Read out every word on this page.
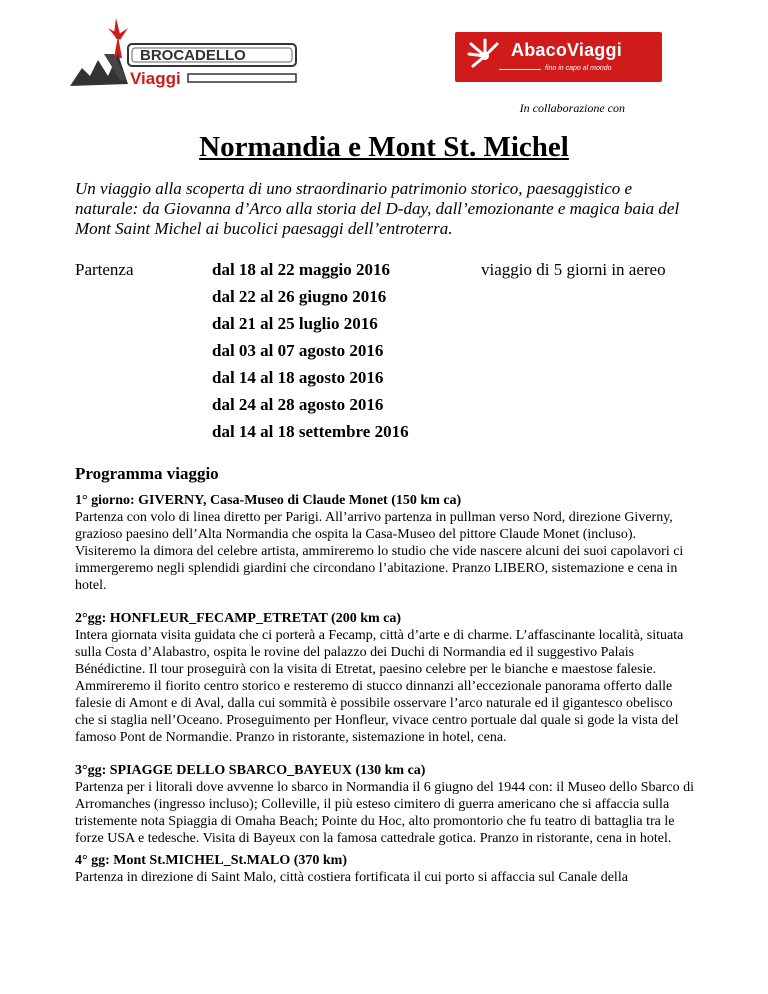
BROCADELLO
Viaggi
AbacoViaggi
fino in capo al mondo
In collaborazione con
Normandia e Mont St. Michel

Un viaggio alla scoperta di uno straordinario patrimonio storico, paesaggistico e naturale: da Giovanna d’Arco alla storia del D-day, dall’emozionante e magica baia del Mont Saint Michel ai bucolici paesaggi dell’entroterra.

Partenza	dal 18 al 22 maggio 2016
dal 22 al 26 giugno 2016
dal 21 al 25 luglio 2016
dal 03 al 07 agosto 2016
dal 14 al 18 agosto 2016
dal 24 al 28 agosto 2016
dal 14 al 18 settembre 2016
viaggio di 5 giorni in aereo
Programma viaggio

1° giorno: GIVERNY, Casa-Museo di Claude Monet (150 km ca)

Partenza con volo di linea diretto per Parigi. All’arrivo partenza in pullman verso Nord, direzione Giverny, grazioso paesino dell’Alta Normandia che ospita la Casa-Museo del pittore Claude Monet (incluso). Visiteremo la dimora del celebre artista, ammireremo lo studio che vide nascere alcuni dei suoi capolavori ci immergeremo negli splendidi giardini che circondano l’abitazione. Pranzo LIBERO, sistemazione e cena in hotel.

2°gg: HONFLEUR_FECAMP_ETRETAT (200 km ca)

Intera giornata visita guidata che ci porterà a Fecamp, città d’arte e di charme. L’affascinante località, situata sulla Costa d’Alabastro, ospita le rovine del palazzo dei Duchi di Normandia ed il suggestivo Palais Bénédictine. Il tour proseguirà con la visita di Etretat, paesino celebre per le bianche e maestose falesie. Ammireremo il fiorito centro storico e resteremo di stucco dinnanzi all’eccezionale panorama offerto dalle falesie di Amont e di Aval, dalla cui sommità è possibile osservare l’arco naturale ed il gigantesco obelisco che si staglia nell’Oceano. Proseguimento per Honfleur, vivace centro portuale dal quale si gode la vista del famoso Pont de Normandie. Pranzo in ristorante, sistemazione in hotel, cena.

3°gg: SPIAGGE DELLO SBARCO_BAYEUX (130 km ca)

Partenza per i litorali dove avvenne lo sbarco in Normandia il 6 giugno del 1944 con: il Museo dello Sbarco di Arromanches (ingresso incluso); Colleville, il più esteso cimitero di guerra americano che si affaccia sulla tristemente nota Spiaggia di Omaha Beach; Pointe du Hoc, alto promontorio che fu teatro di battaglia tra le forze USA e tedesche. Visita di Bayeux con la famosa cattedrale gotica. Pranzo in ristorante, cena in hotel.

4° gg: Mont St.MICHEL_St.MALO (370 km)

Partenza in direzione di Saint Malo, città costiera fortificata il cui porto si affaccia sul Canale della
